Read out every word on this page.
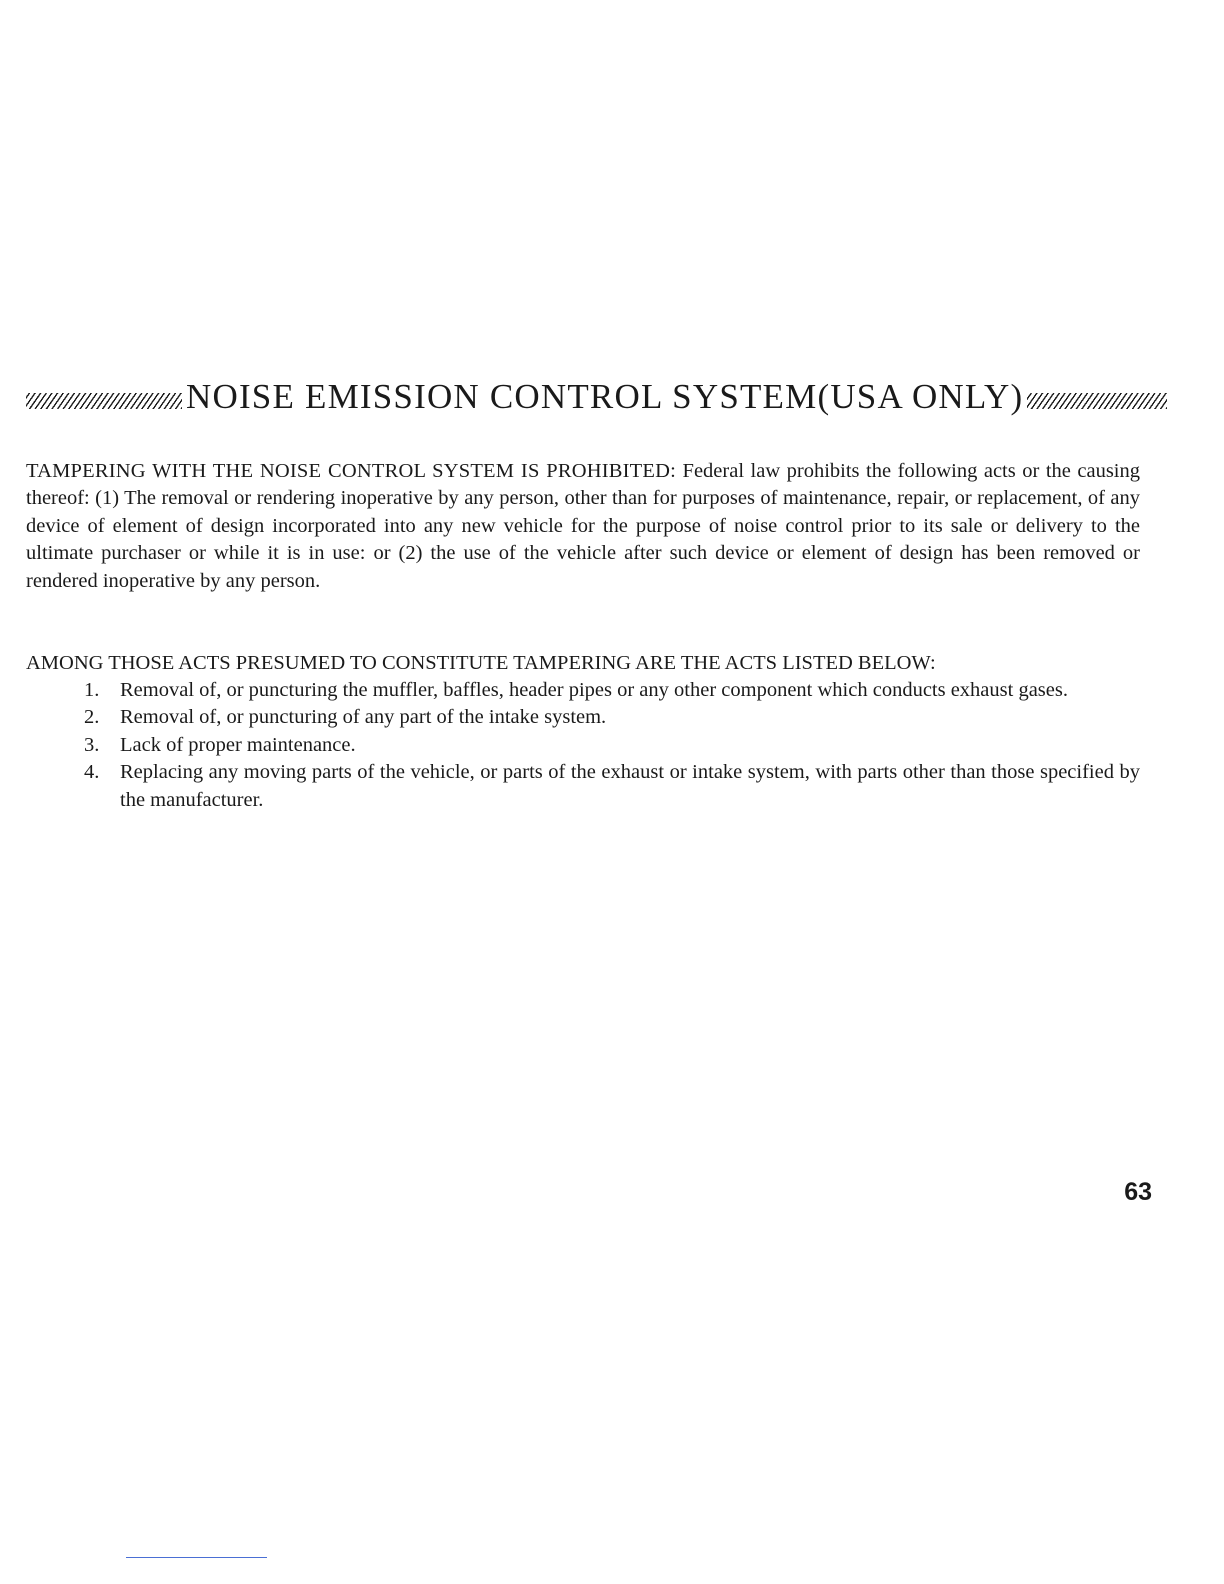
NOISE EMISSION CONTROL SYSTEM(USA ONLY)

TAMPERING WITH THE NOISE CONTROL SYSTEM IS PROHIBITED: Federal law prohibits the following acts or the causing thereof: (1) The removal or rendering inoperative by any person, other than for purposes of maintenance, repair, or replacement, of any device of element of design incorporated into any new vehicle for the purpose of noise control prior to its sale or delivery to the ultimate purchaser or while it is in use: or (2) the use of the vehicle after such device or element of design has been removed or rendered inoperative by any person.

AMONG THOSE ACTS PRESUMED TO CONSTITUTE TAMPERING ARE THE ACTS LISTED BELOW:

1. Removal of, or puncturing the muffler, baffles, header pipes or any other component which conducts exhaust gases.
2. Removal of, or puncturing of any part of the intake system.
3. Lack of proper maintenance.
4. Replacing any moving parts of the vehicle, or parts of the exhaust or intake system, with parts other than those specified by the manufacturer.
63
